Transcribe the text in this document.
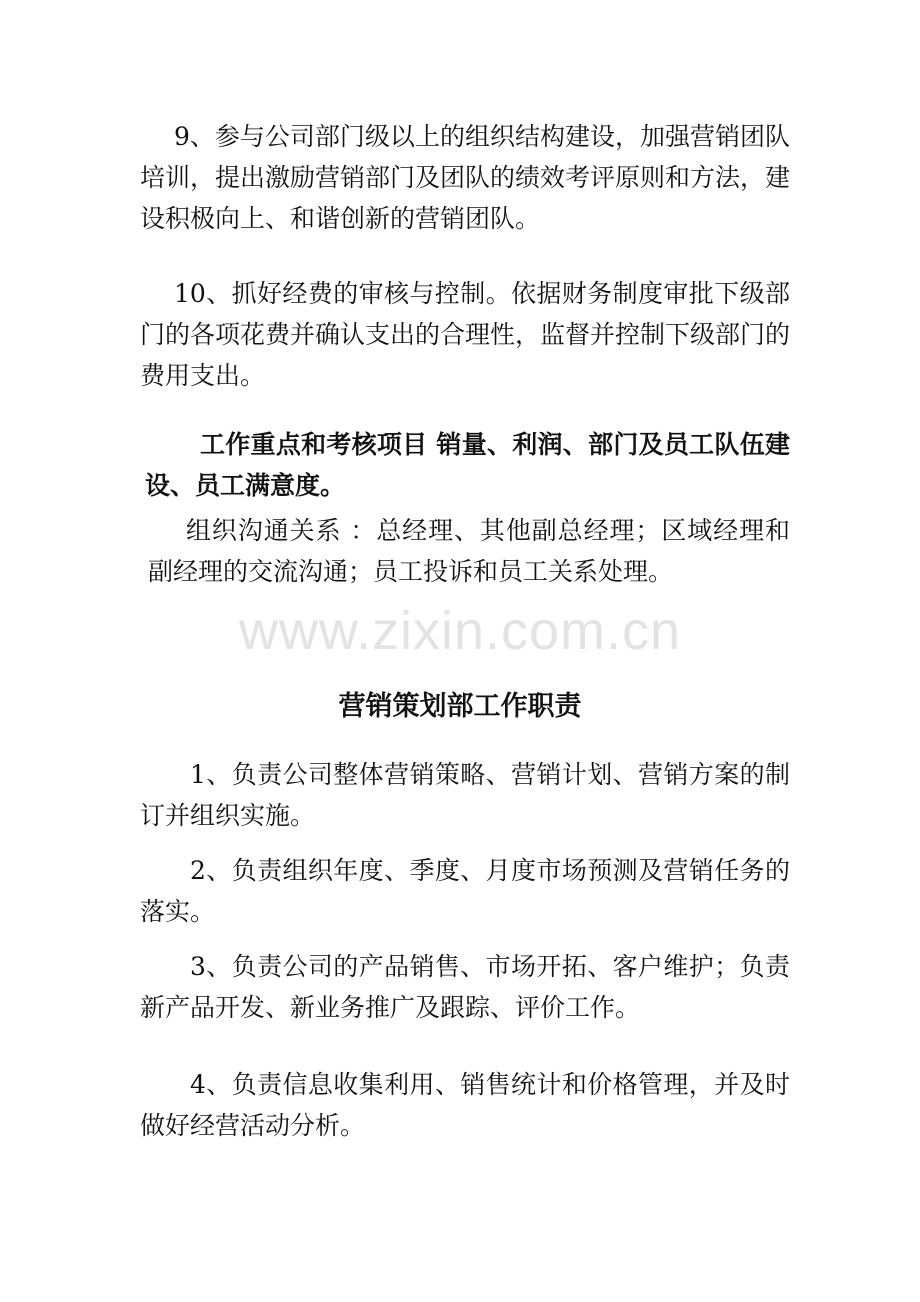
9、参与公司部门级以上的组织结构建设，加强营销团队培训，提出激励营销部门及团队的绩效考评原则和方法，建设积极向上、和谐创新的营销团队。
10、抓好经费的审核与控制。依据财务制度审批下级部门的各项花费并确认支出的合理性，监督并控制下级部门的费用支出。
工作重点和考核项目 销量、利润、部门及员工队伍建设、员工满意度。
组织沟通关系 ：总经理、其他副总经理；区域经理和副经理的交流沟通；员工投诉和员工关系处理。
www.zixin.com.cn
营销策划部工作职责
1、负责公司整体营销策略、营销计划、营销方案的制订并组织实施。
2、负责组织年度、季度、月度市场预测及营销任务的落实。
3、负责公司的产品销售、市场开拓、客户维护；负责新产品开发、新业务推广及跟踪、评价工作。
4、负责信息收集利用、销售统计和价格管理，并及时做好经营活动分析。
